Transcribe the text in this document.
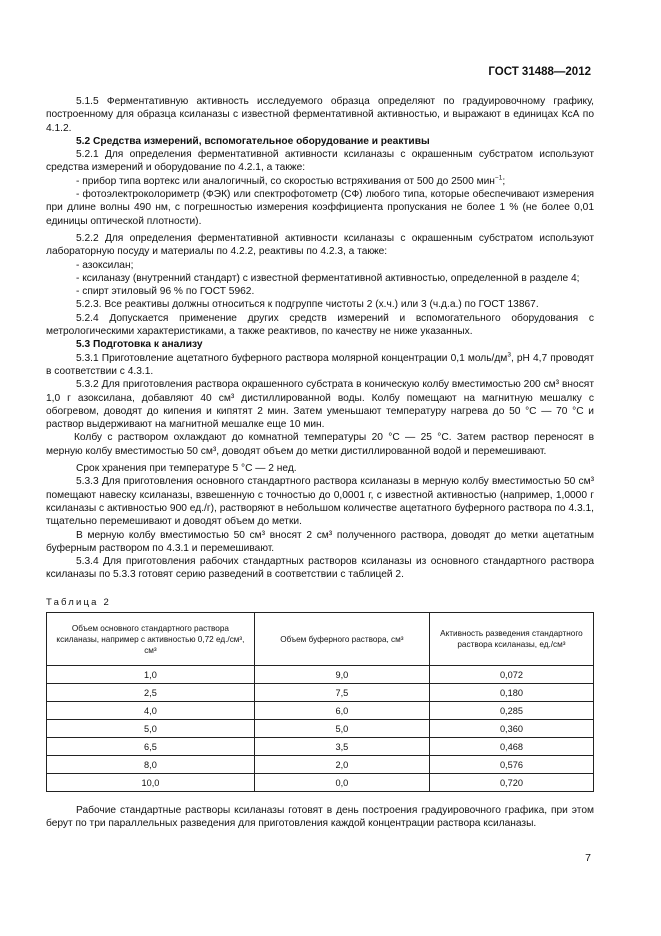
ГОСТ 31488—2012

5.1.5 Ферментативную активность исследуемого образца определяют по градуировочному графику, построенному для образца ксиланазы с известной ферментативной активностью, и выражают в единицах КсА по 4.1.2.

5.2 Средства измерений, вспомогательное оборудование и реактивы

5.2.1 Для определения ферментативной активности ксиланазы с окрашенным субстратом используют средства измерений и оборудование по 4.2.1, а также:

- прибор типа вортекс или аналогичный, со скоростью встряхивания от 500 до 2500 мин$^{-1}$;

- фотоэлектроколориметр (ФЭК) или спектрофотометр (СФ) любого типа, которые обеспечивают измерения при длине волны 490 нм, с погрешностью измерения коэффициента пропускания не более 1 % (не более 0,01 единицы оптической плотности).

5.2.2 Для определения ферментативной активности ксиланазы с окрашенным субстратом используют лабораторную посуду и материалы по 4.2.2, реактивы по 4.2.3, а также:

- азоксилан;

- ксиланазу (внутренний стандарт) с известной ферментативной активностью, определенной в разделе 4;

- спирт этиловый 96 % по ГОСТ 5962.

5.2.3. Все реактивы должны относиться к подгруппе чистоты 2 (х.ч.) или 3 (ч.д.а.) по ГОСТ 13867.

5.2.4 Допускается применение других средств измерений и вспомогательного оборудования с метрологическими характеристиками, а также реактивов, по качеству не ниже указанных.

5.3 Подготовка к анализу

5.3.1 Приготовление ацетатного буферного раствора молярной концентрации 0,1 моль/$дм^3$, pH 4,7 проводят в соответствии с 4.3.1.

5.3.2 Для приготовления раствора окрашенного субстрата в коническую колбу вместимостью 200 см³ вносят 1,0 г азоксилана, добавляют 40 см³ дистиллированной воды. Колбу помещают на магнитную мешалку с обогревом, доводят до кипения и кипятят 2 мин. Затем уменьшают температуру нагрева до 50 °С — 70 °С и раствор выдерживают на магнитной мешалке еще 10 мин.

Колбу с раствором охлаждают до комнатной температуры 20 °С — 25 °С. Затем раствор переносят в мерную колбу вместимостью 50 см³, доводят объем до метки дистиллированной водой и перемешивают.

Срок хранения при температуре 5 °С — 2 нед.

5.3.3 Для приготовления основного стандартного раствора ксиланазы в мерную колбу вместимостью 50 см³ помещают навеску ксиланазы, взвешенную с точностью до 0,0001 г, с известной активностью (например, 1,0000 г ксиланазы с активностью 900 ед./г), растворяют в небольшом количестве ацетатного буферного раствора по 4.3.1, тщательно перемешивают и доводят объем до метки.

В мерную колбу вместимостью 50 см³ вносят 2 см³ полученного раствора, доводят до метки ацетатным буферным раствором по 4.3.1 и перемешивают.

5.3.4 Для приготовления рабочих стандартных растворов ксиланазы из основного стандартного раствора ксиланазы по 5.3.3 готовят серию разведений в соответствии с таблицей 2.

Таблица 2
Объем основного стандартного раствора ксиланазы, например с активностью 0,72 ед./см³, см³	Объем буферного раствора, см³	Активность разведения стандартного раствора ксиланазы, ед./см³
1,0	9,0	0,072
2,5	7,5	0,180
4,0	6,0	0,285
5,0	5,0	0,360
6,5	3,5	0,468
8,0	2,0	0,576
10,0	0,0	0,720

Рабочие стандартные растворы ксиланазы готовят в день построения градуировочного графика, при этом берут по три параллельных разведения для приготовления каждой концентрации раствора ксиланазы.

7
